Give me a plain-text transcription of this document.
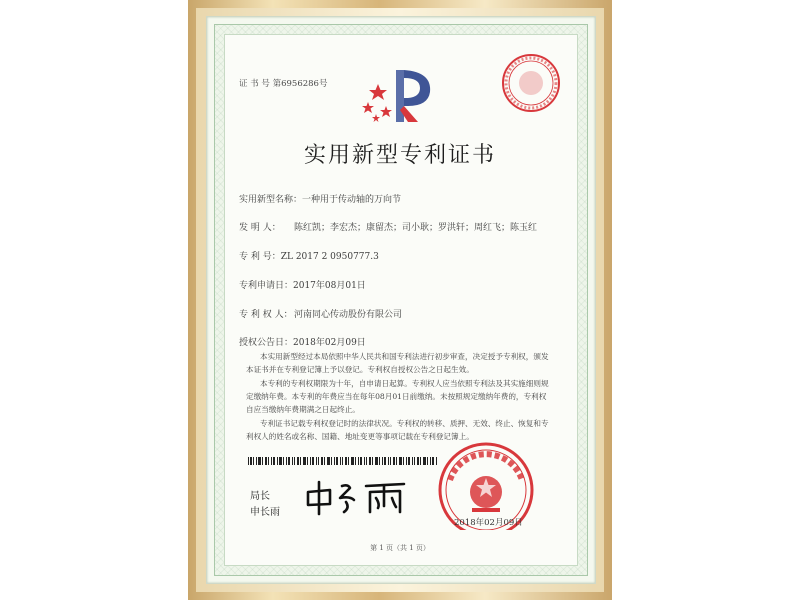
证 书 号 第6956286号
实用新型专利证书
实用新型名称：一种用于传动轴的万向节
发 明 人： 陈红凯；李宏杰；康留杰；司小耿；罗洪轩；周红飞；陈玉红
专 利 号：ZL 2017 2 0950777.3
专利申请日：2017年08月01日
专 利 权 人： 河南同心传动股份有限公司
授权公告日：2018年02月09日
本实用新型经过本局依照中华人民共和国专利法进行初步审查，决定授予专利权，颁发本证书并在专利登记簿上予以登记。专利权自授权公告之日起生效。
本专利的专利权期限为十年，自申请日起算。专利权人应当依照专利法及其实施细则规定缴纳年费。本专利的年费应当在每年08月01日前缴纳。未按照规定缴纳年费的，专利权自应当缴纳年费期满之日起终止。
专利证书记载专利权登记时的法律状况。专利权的转移、质押、无效、终止、恢复和专利权人的姓名或名称、国籍、地址变更等事项记载在专利登记簿上。
局长
申长雨
2018年02月09日
第 1 页（共 1 页）
